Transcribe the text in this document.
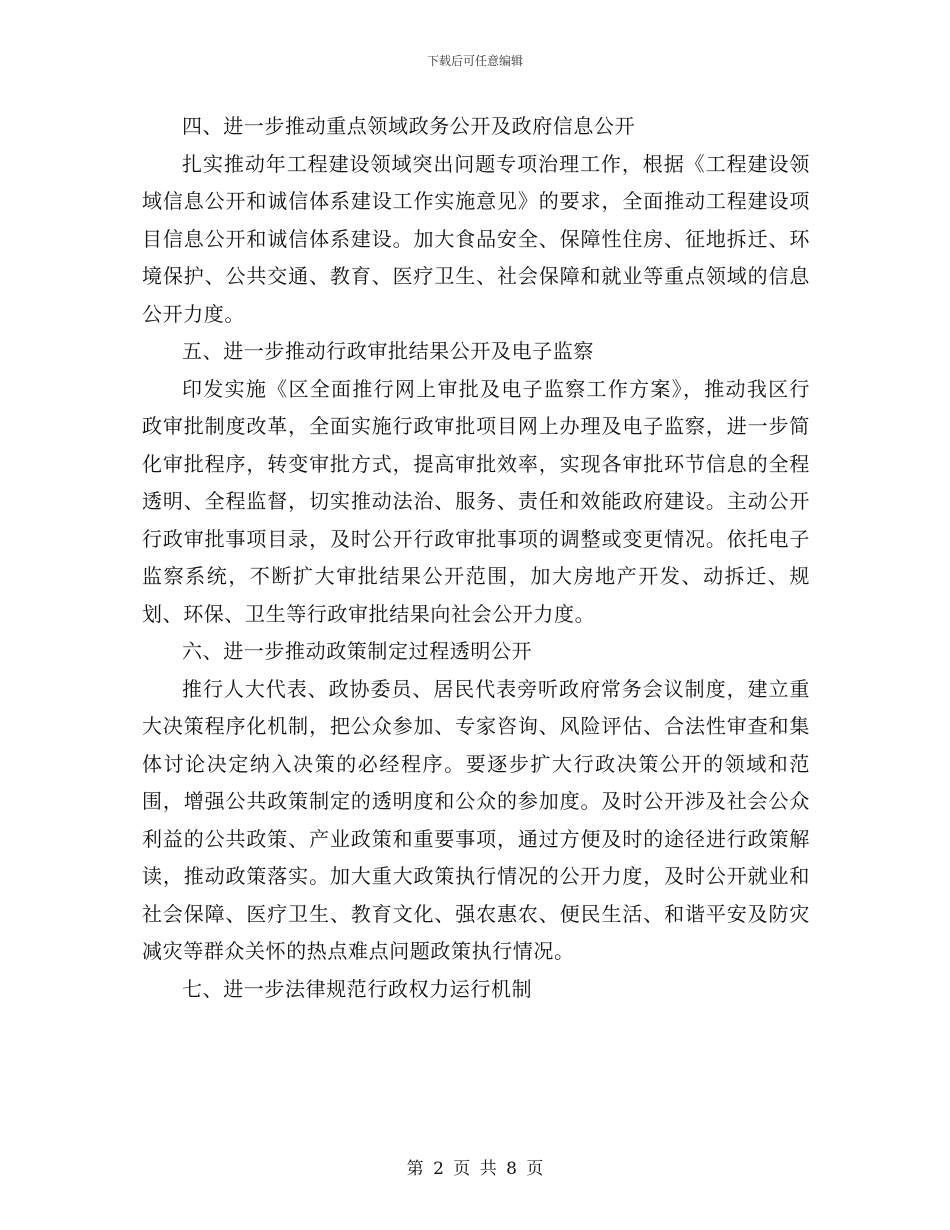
下载后可任意编辑

四、进一步推动重点领域政务公开及政府信息公开

扎实推动年工程建设领域突出问题专项治理工作，根据《工程建设领域信息公开和诚信体系建设工作实施意见》的要求，全面推动工程建设项目信息公开和诚信体系建设。加大食品安全、保障性住房、征地拆迁、环境保护、公共交通、教育、医疗卫生、社会保障和就业等重点领域的信息公开力度。

五、进一步推动行政审批结果公开及电子监察

印发实施《区全面推行网上审批及电子监察工作方案》，推动我区行政审批制度改革，全面实施行政审批项目网上办理及电子监察，进一步简化审批程序，转变审批方式，提高审批效率，实现各审批环节信息的全程透明、全程监督，切实推动法治、服务、责任和效能政府建设。主动公开行政审批事项目录，及时公开行政审批事项的调整或变更情况。依托电子监察系统，不断扩大审批结果公开范围，加大房地产开发、动拆迁、规划、环保、卫生等行政审批结果向社会公开力度。

六、进一步推动政策制定过程透明公开

推行人大代表、政协委员、居民代表旁听政府常务会议制度，建立重大决策程序化机制，把公众参加、专家咨询、风险评估、合法性审查和集体讨论决定纳入决策的必经程序。要逐步扩大行政决策公开的领域和范围，增强公共政策制定的透明度和公众的参加度。及时公开涉及社会公众利益的公共政策、产业政策和重要事项，通过方便及时的途径进行政策解读，推动政策落实。加大重大政策执行情况的公开力度，及时公开就业和社会保障、医疗卫生、教育文化、强农惠农、便民生活、和谐平安及防灾减灾等群众关怀的热点难点问题政策执行情况。

七、进一步法律规范行政权力运行机制

第 2 页 共 8 页
